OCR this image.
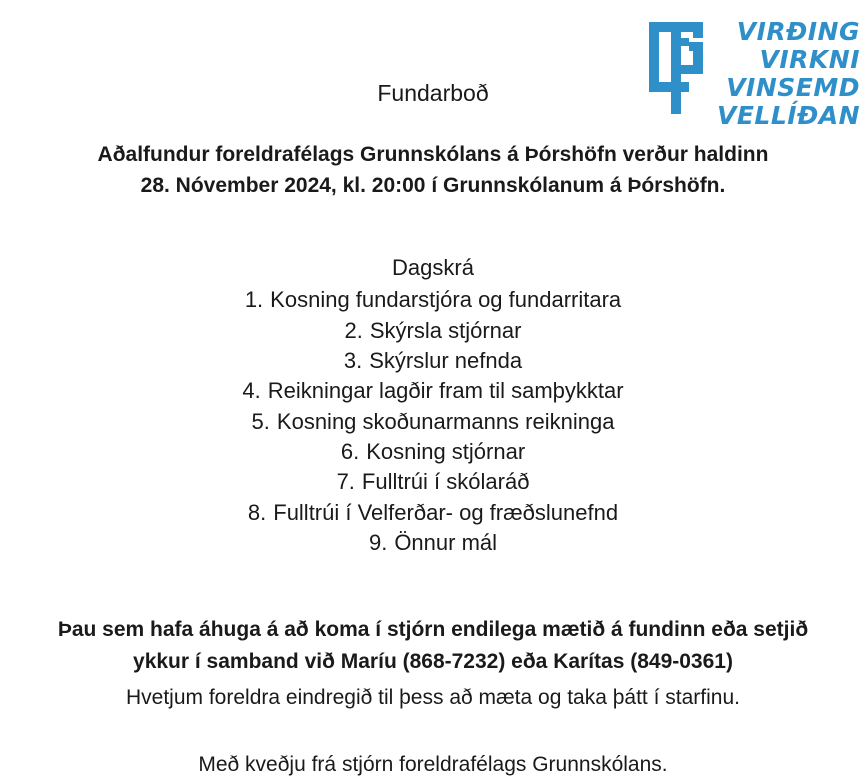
VIRÐING
VIRKNI
VINSEMD
VELLÍÐAN

Fundarboð

Aðalfundur foreldrafélags Grunnskólans á Þórshöfn verður haldinn

28. Nóvember 2024, kl. 20:00 í Grunnskólanum á Þórshöfn.

Dagskrá

1. Kosning fundarstjóra og fundarritara
2. Skýrsla stjórnar
3. Skýrslur nefnda
4. Reikningar lagðir fram til samþykktar
5. Kosning skoðunarmanns reikninga
6. Kosning stjórnar
7. Fulltrúi í skólaráð
8. Fulltrúi í Velferðar- og fræðslunefnd
9. Önnur mál

Þau sem hafa áhuga á að koma í stjórn endilega mætið á fundinn eða setjið

ykkur í samband við Maríu (868-7232) eða Karítas (849-0361)

Hvetjum foreldra eindregið til þess að mæta og taka þátt í starfinu.

Með kveðju frá stjórn foreldrafélags Grunnskólans.
